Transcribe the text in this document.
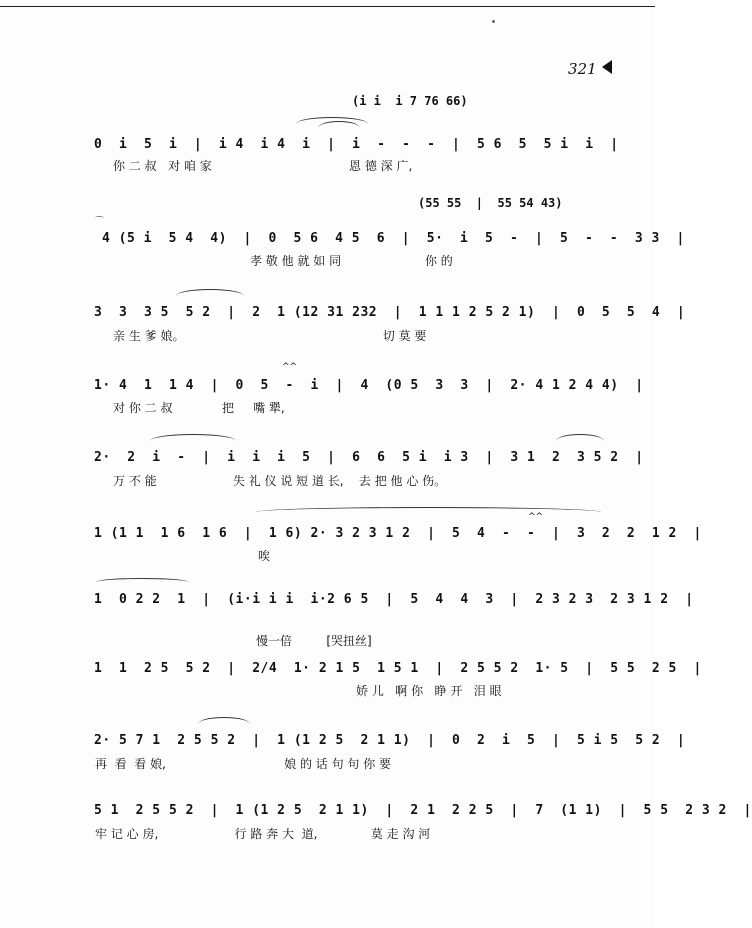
321
(i i  i 7 76 66)
0  i  5  i  |  i 4  i 4  i  |  i  -  -  -  |  5 6  5  5 i  i  |
你 二 叔   对 咱 家                                    恩 德 深 广,
(55 55  |  55 54 43)
⌒
4 (5 i  5 4  4)  |  0  5 6  4 5  6  |  5·  i  5  -  |  5  -  -  3 3  |
孝 敬 他 就 如 同                      你 的
3  3  3 5  5 2  |  2  1 (12 31 232  |  1 1 1 2 5 2 1)  |  0  5  5  4  |
亲 生 爹 娘。                                                    切 莫 要
^^
1· 4  1  1 4  |  0  5  -  i  |  4  (0 5  3  3  |  2· 4 1 2 4 4)  |
对 你 二 叔             把     嘴 犟,
2·  2  i  -  |  i  i  i  5  |  6  6  5 i  i 3  |  3 1  2  3 5 2  |
万 不 能                    失 礼 仪 说 短 道 长,    去 把 他 心 伤。
^^
1 (1 1  1 6  1 6  |  1 6) 2· 3 2 3 1 2  |  5  4  -  -  |  3  2  2  1 2  |
唉
1  0 2 2  1  |  (i·i i i  i·2 6 5  |  5  4  4  3  |  2 3 2 3  2 3 1 2  |
慢一倍         [哭扭丝]
1  1  2 5  5 2  |  2/4  1· 2 1 5  1 5 1  |  2 5 5 2  1· 5  |  5 5  2 5  |
娇 儿   啊 你   睁 开   泪 眼
2· 5 7 1  2 5 5 2  |  1 (1 2 5  2 1 1)  |  0  2  i  5  |  5 i 5  5 2  |
再  看  看 娘,                               娘 的 话 句 句 你 要
5 1  2 5 5 2  |  1 (1 2 5  2 1 1)  |  2 1  2 2 5  |  7  (1 1)  |  5 5  2 3 2  |
牢 记 心 房,                    行 路 奔 大  道,              莫 走 沟 河
